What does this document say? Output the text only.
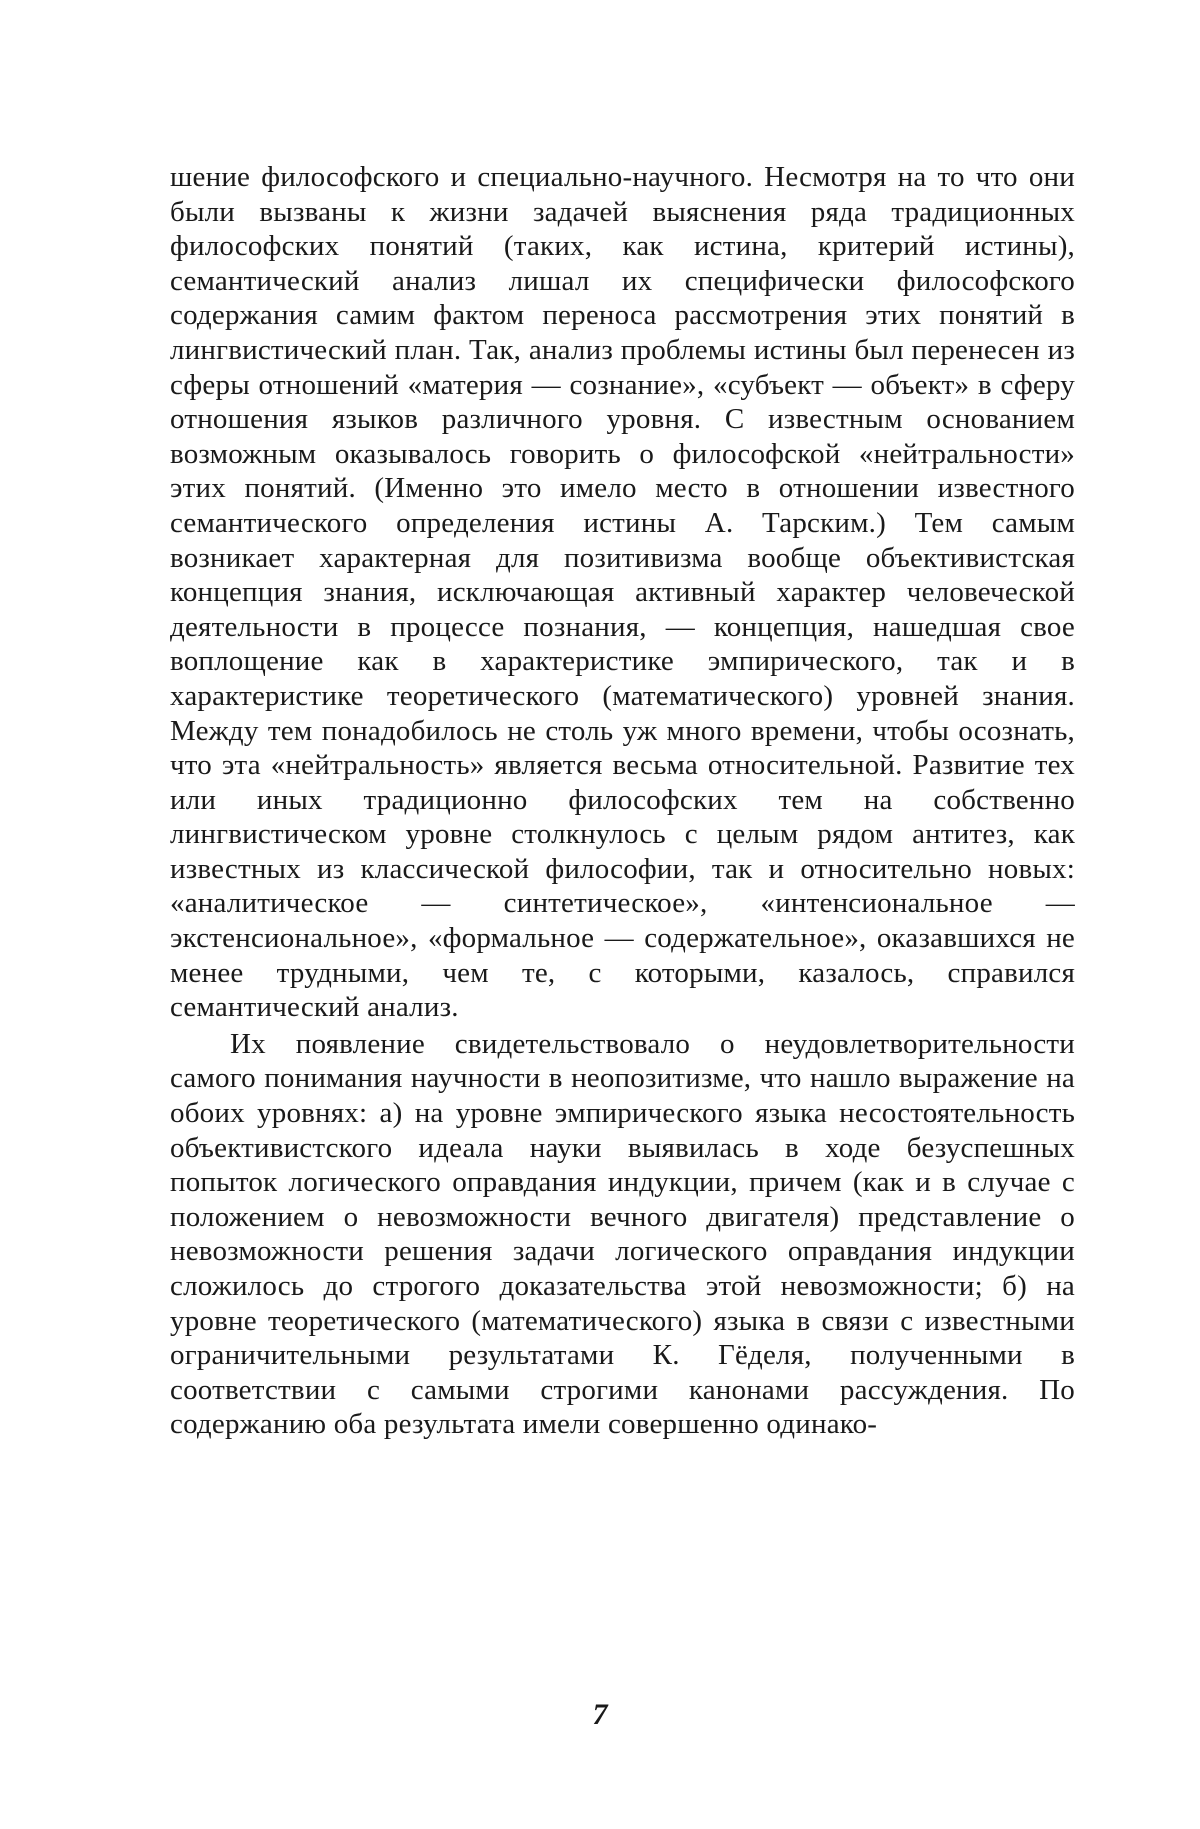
шение философского и специально-научного. Несмотря на то что они были вызваны к жизни задачей выяснения ряда традиционных философских понятий (таких, как истина, критерий истины), семантический анализ лишал их специфически философского содержания самим фактом переноса рассмотрения этих понятий в лингвистический план. Так, анализ проблемы истины был перенесен из сферы отношений «материя — сознание», «субъект — объект» в сферу отношения языков различного уровня. С известным основанием возможным оказывалось говорить о философской «нейтральности» этих понятий. (Именно это имело место в отношении известного семантического определения истины А. Тарским.) Тем самым возникает характерная для позитивизма вообще объективистская концепция знания, исключающая активный характер человеческой деятельности в процессе познания, — концепция, нашедшая свое воплощение как в характеристике эмпирического, так и в характеристике теоретического (математического) уровней знания. Между тем понадобилось не столь уж много времени, чтобы осознать, что эта «нейтральность» является весьма относительной. Развитие тех или иных традиционно философских тем на собственно лингвистическом уровне столкнулось с целым рядом антитез, как известных из классической философии, так и относительно новых: «аналитическое — синтетическое», «интенсиональное — экстенсиональное», «формальное — содержательное», оказавшихся не менее трудными, чем те, с которыми, казалось, справился семантический анализ.

Их появление свидетельствовало о неудовлетворительности самого понимания научности в неопозитизме, что нашло выражение на обоих уровнях: а) на уровне эмпирического языка несостоятельность объективистского идеала науки выявилась в ходе безуспешных попыток логического оправдания индукции, причем (как и в случае с положением о невозможности вечного двигателя) представление о невозможности решения задачи логического оправдания индукции сложилось до строгого доказательства этой невозможности; б) на уровне теоретического (математического) языка в связи с известными ограничительными результатами К. Гёделя, полученными в соответствии с самыми строгими канонами рассуждения. По содержанию оба результата имели совершенно одинако-

7
